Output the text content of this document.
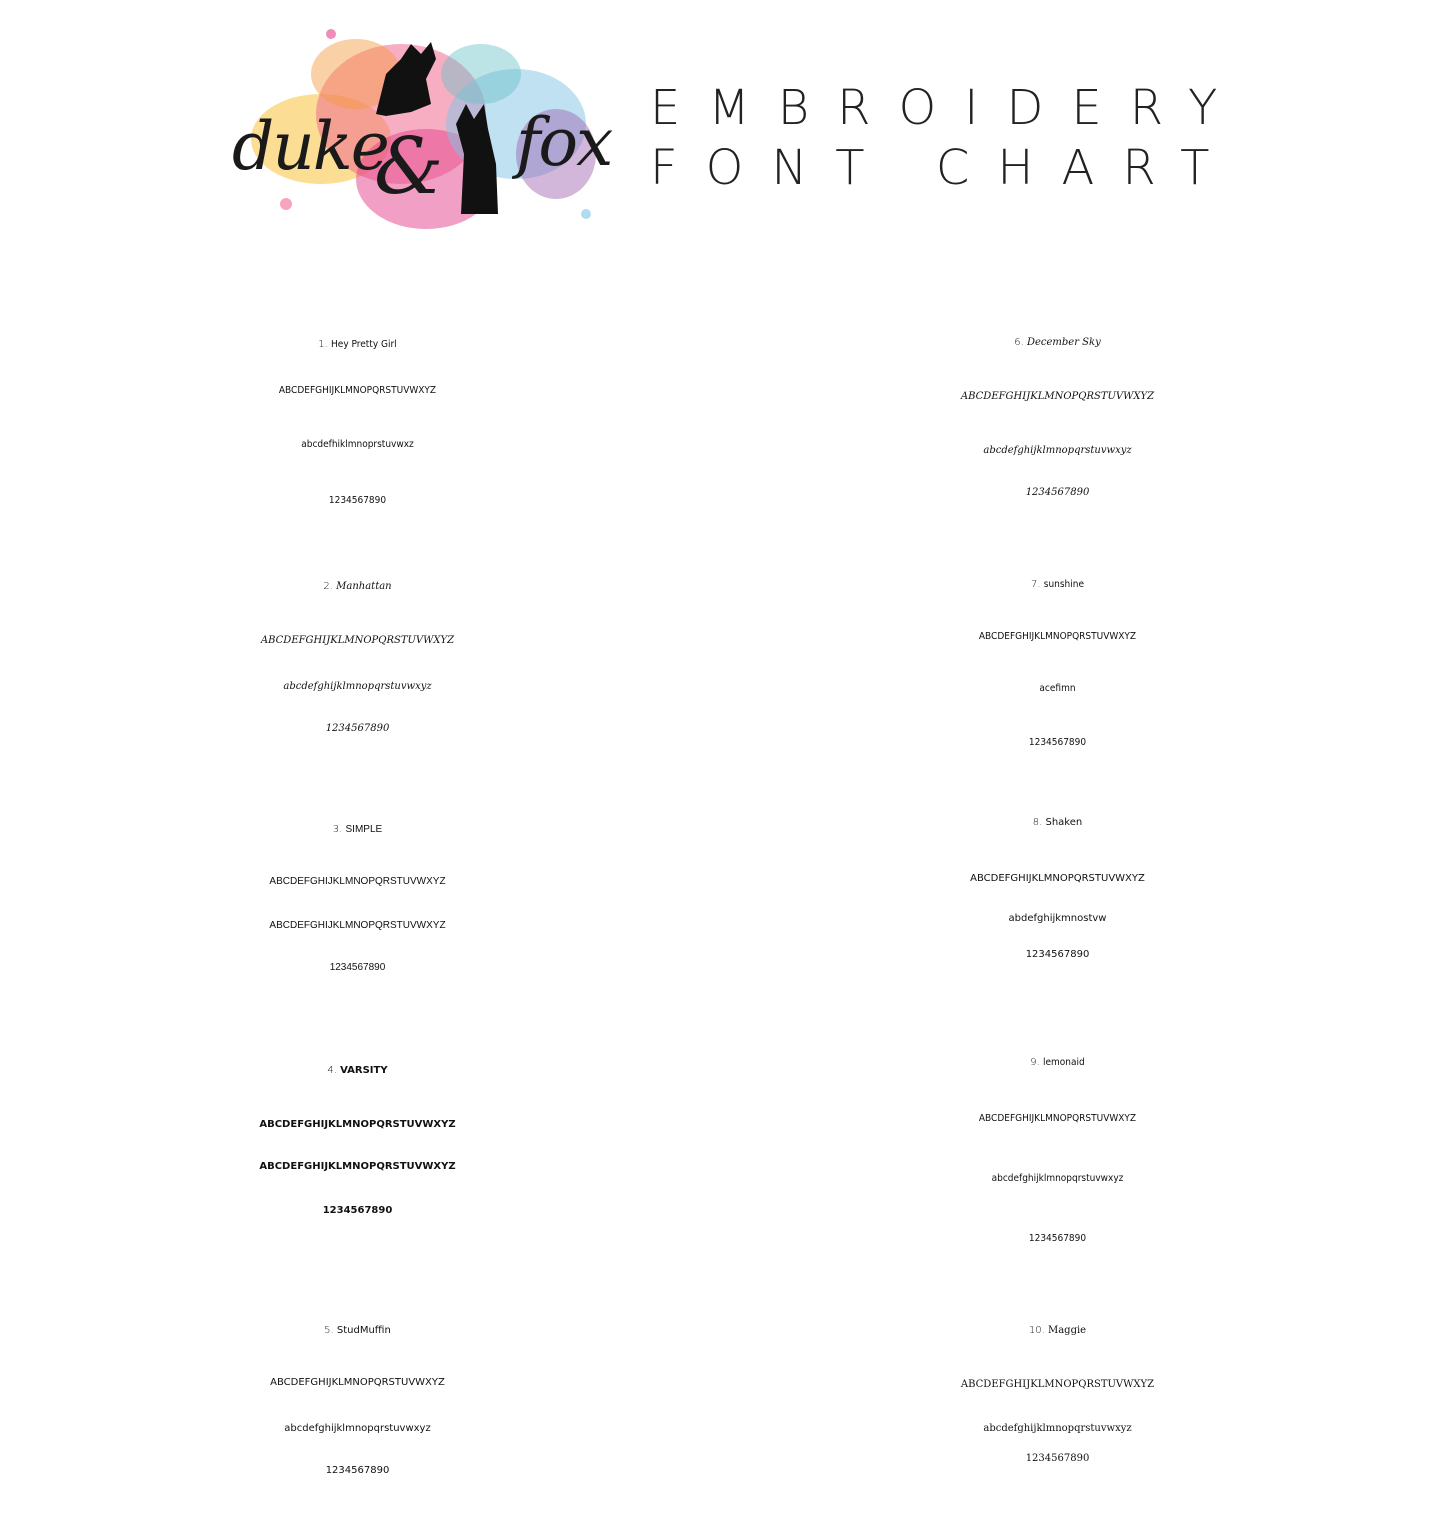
duke
& fox EMBROIDERY
FONT CHART
1. Hey Pretty Girl
ABCDEFGHIJKLMNOPQRSTUVWXYZ
abcdefhiklmnoprstuvwxz
1234567890
2. Manhattan
ABCDEFGHIJKLMNOPQRSTUVWXYZ
abcdefghijklmnopqrstuvwxyz
1234567890
3. SIMPLE
ABCDEFGHIJKLMNOPQRSTUVWXYZ
ABCDEFGHIJKLMNOPQRSTUVWXYZ
1234567890
4. VARSITY
ABCDEFGHIJKLMNOPQRSTUVWXYZ
ABCDEFGHIJKLMNOPQRSTUVWXYZ
1234567890
5. StudMuffin
ABCDEFGHIJKLMNOPQRSTUVWXYZ
abcdefghijklmnopqrstuvwxyz
1234567890
6. December Sky
ABCDEFGHIJKLMNOPQRSTUVWXYZ
abcdefghijklmnopqrstuvwxyz
1234567890
7. sunshine
ABCDEFGHIJKLMNOPQRSTUVWXYZ
acefimn
1234567890
8. Shaken
ABCDEFGHIJKLMNOPQRSTUVWXYZ
abdefghijkmnostvw
1234567890
9. lemonaid
ABCDEFGHIJKLMNOPQRSTUVWXYZ
abcdefghijklmnopqrstuvwxyz
1234567890
10. Maggie
ABCDEFGHIJKLMNOPQRSTUVWXYZ
abcdefghijklmnopqrstuvwxyz
1234567890
